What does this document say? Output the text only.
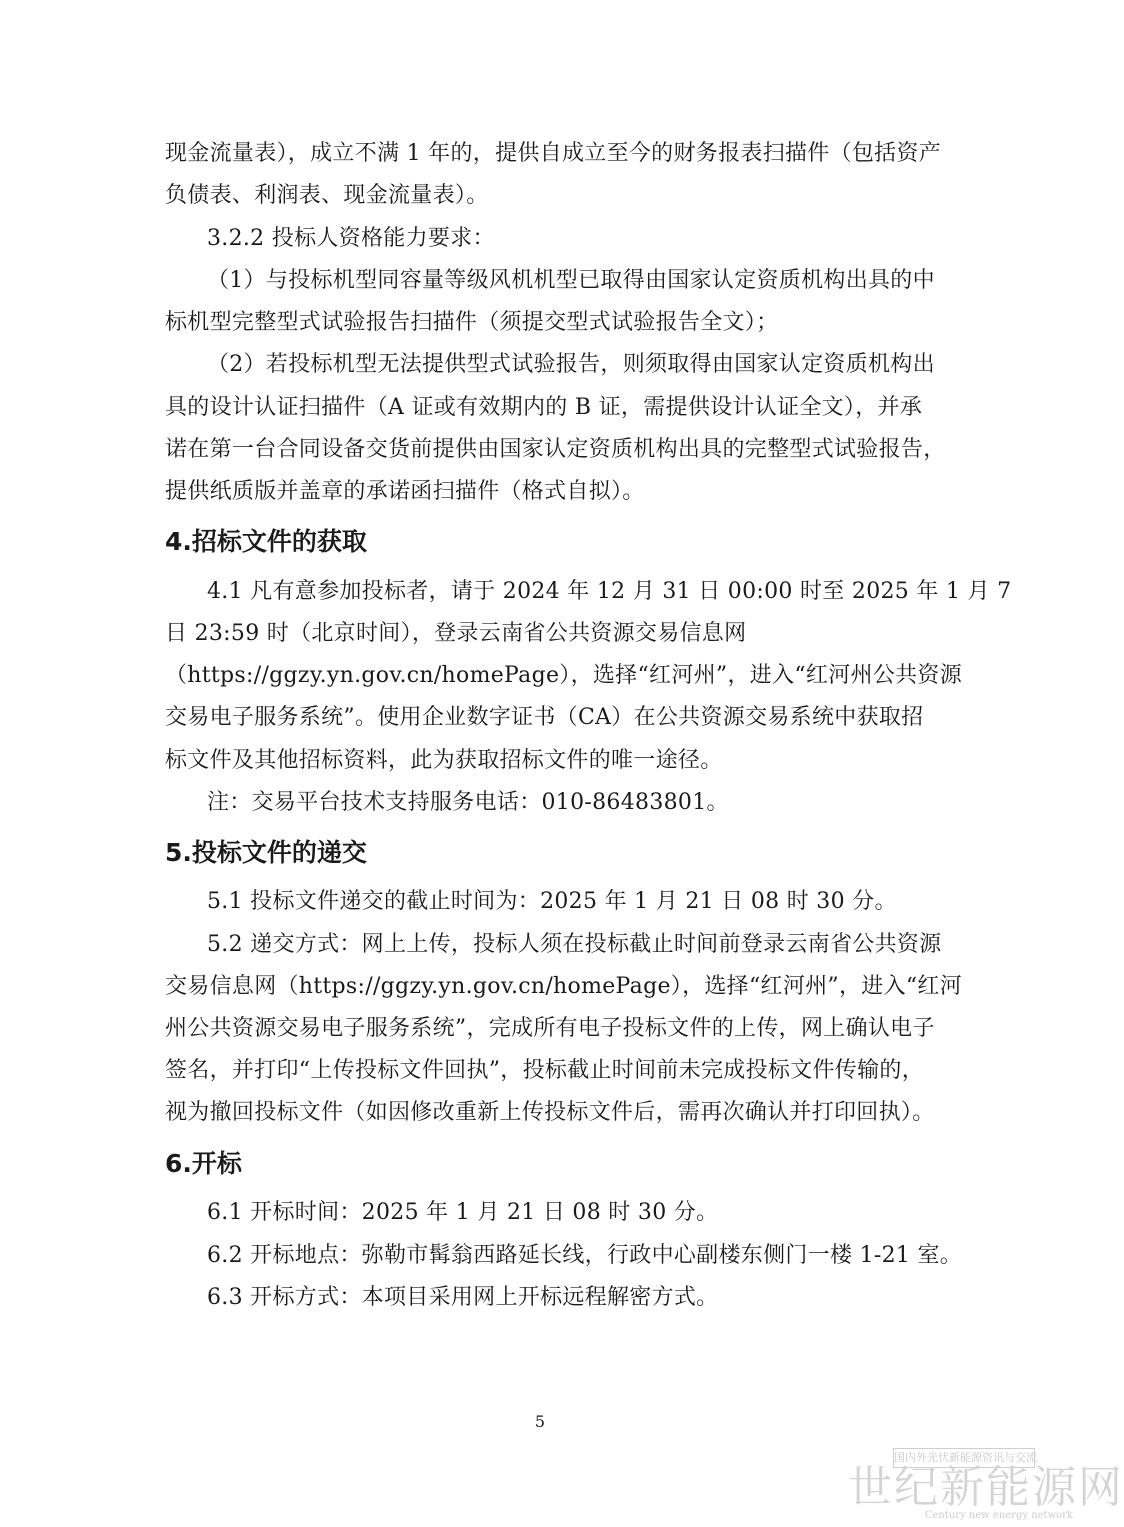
现金流量表），成立不满 1 年的，提供自成立至今的财务报表扫描件（包括资产
负债表、利润表、现金流量表）。
3.2.2 投标人资格能力要求：
（1）与投标机型同容量等级风机机型已取得由国家认定资质机构出具的中
标机型完整型式试验报告扫描件（须提交型式试验报告全文）；
（2）若投标机型无法提供型式试验报告，则须取得由国家认定资质机构出
具的设计认证扫描件（A 证或有效期内的 B 证，需提供设计认证全文），并承
诺在第一台合同设备交货前提供由国家认定资质机构出具的完整型式试验报告，
提供纸质版并盖章的承诺函扫描件（格式自拟）。
4.招标文件的获取
4.1 凡有意参加投标者，请于 2024 年 12 月 31 日 00:00 时至 2025 年 1 月 7
日 23:59 时（北京时间），登录云南省公共资源交易信息网
（https://ggzy.yn.gov.cn/homePage），选择“红河州”，进入“红河州公共资源
交易电子服务系统”。使用企业数字证书（CA）在公共资源交易系统中获取招
标文件及其他招标资料，此为获取招标文件的唯一途径。
注：交易平台技术支持服务电话：010-86483801。
5.投标文件的递交
5.1 投标文件递交的截止时间为：2025 年 1 月 21 日 08 时 30 分。
5.2 递交方式：网上上传，投标人须在投标截止时间前登录云南省公共资源
交易信息网（https://ggzy.yn.gov.cn/homePage），选择“红河州”，进入“红河
州公共资源交易电子服务系统”，完成所有电子投标文件的上传，网上确认电子
签名，并打印“上传投标文件回执”，投标截止时间前未完成投标文件传输的，
视为撤回投标文件（如因修改重新上传投标文件后，需再次确认并打印回执）。
6.开标
6.1 开标时间：2025 年 1 月 21 日 08 时 30 分。
6.2 开标地点：弥勒市髯翁西路延长线，行政中心副楼东侧门一楼 1-21 室。
6.3 开标方式：本项目采用网上开标远程解密方式。
5
国内外光伏新能源资讯与交流
世纪新能源网
Century new energy network
